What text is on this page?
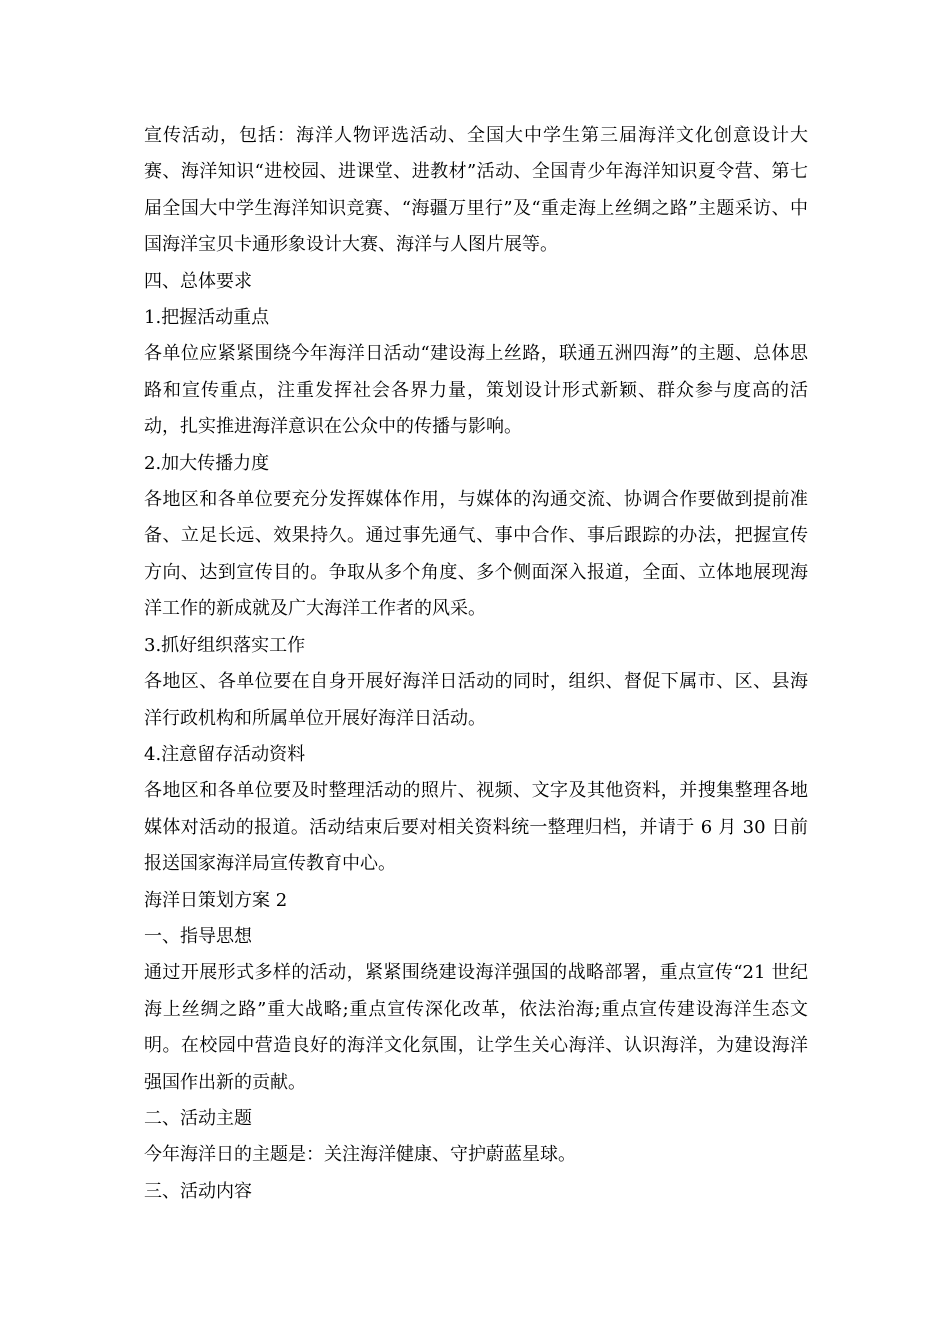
宣传活动，包括：海洋人物评选活动、全国大中学生第三届海洋文化创意设计大赛、海洋知识“进校园、进课堂、进教材”活动、全国青少年海洋知识夏令营、第七届全国大中学生海洋知识竞赛、“海疆万里行”及“重走海上丝绸之路”主题采访、中国海洋宝贝卡通形象设计大赛、海洋与人图片展等。

四、总体要求

1.把握活动重点

各单位应紧紧围绕今年海洋日活动“建设海上丝路，联通五洲四海”的主题、总体思路和宣传重点，注重发挥社会各界力量，策划设计形式新颖、群众参与度高的活动，扎实推进海洋意识在公众中的传播与影响。

2.加大传播力度

各地区和各单位要充分发挥媒体作用，与媒体的沟通交流、协调合作要做到提前准备、立足长远、效果持久。通过事先通气、事中合作、事后跟踪的办法，把握宣传方向、达到宣传目的。争取从多个角度、多个侧面深入报道，全面、立体地展现海洋工作的新成就及广大海洋工作者的风采。

3.抓好组织落实工作

各地区、各单位要在自身开展好海洋日活动的同时，组织、督促下属市、区、县海洋行政机构和所属单位开展好海洋日活动。

4.注意留存活动资料

各地区和各单位要及时整理活动的照片、视频、文字及其他资料，并搜集整理各地媒体对活动的报道。活动结束后要对相关资料统一整理归档，并请于 6 月 30 日前报送国家海洋局宣传教育中心。

海洋日策划方案 2

一、指导思想

通过开展形式多样的活动，紧紧围绕建设海洋强国的战略部署，重点宣传“21 世纪海上丝绸之路”重大战略;重点宣传深化改革，依法治海;重点宣传建设海洋生态文明。在校园中营造良好的海洋文化氛围，让学生关心海洋、认识海洋，为建设海洋强国作出新的贡献。

二、活动主题

今年海洋日的主题是：关注海洋健康、守护蔚蓝星球。

三、活动内容
